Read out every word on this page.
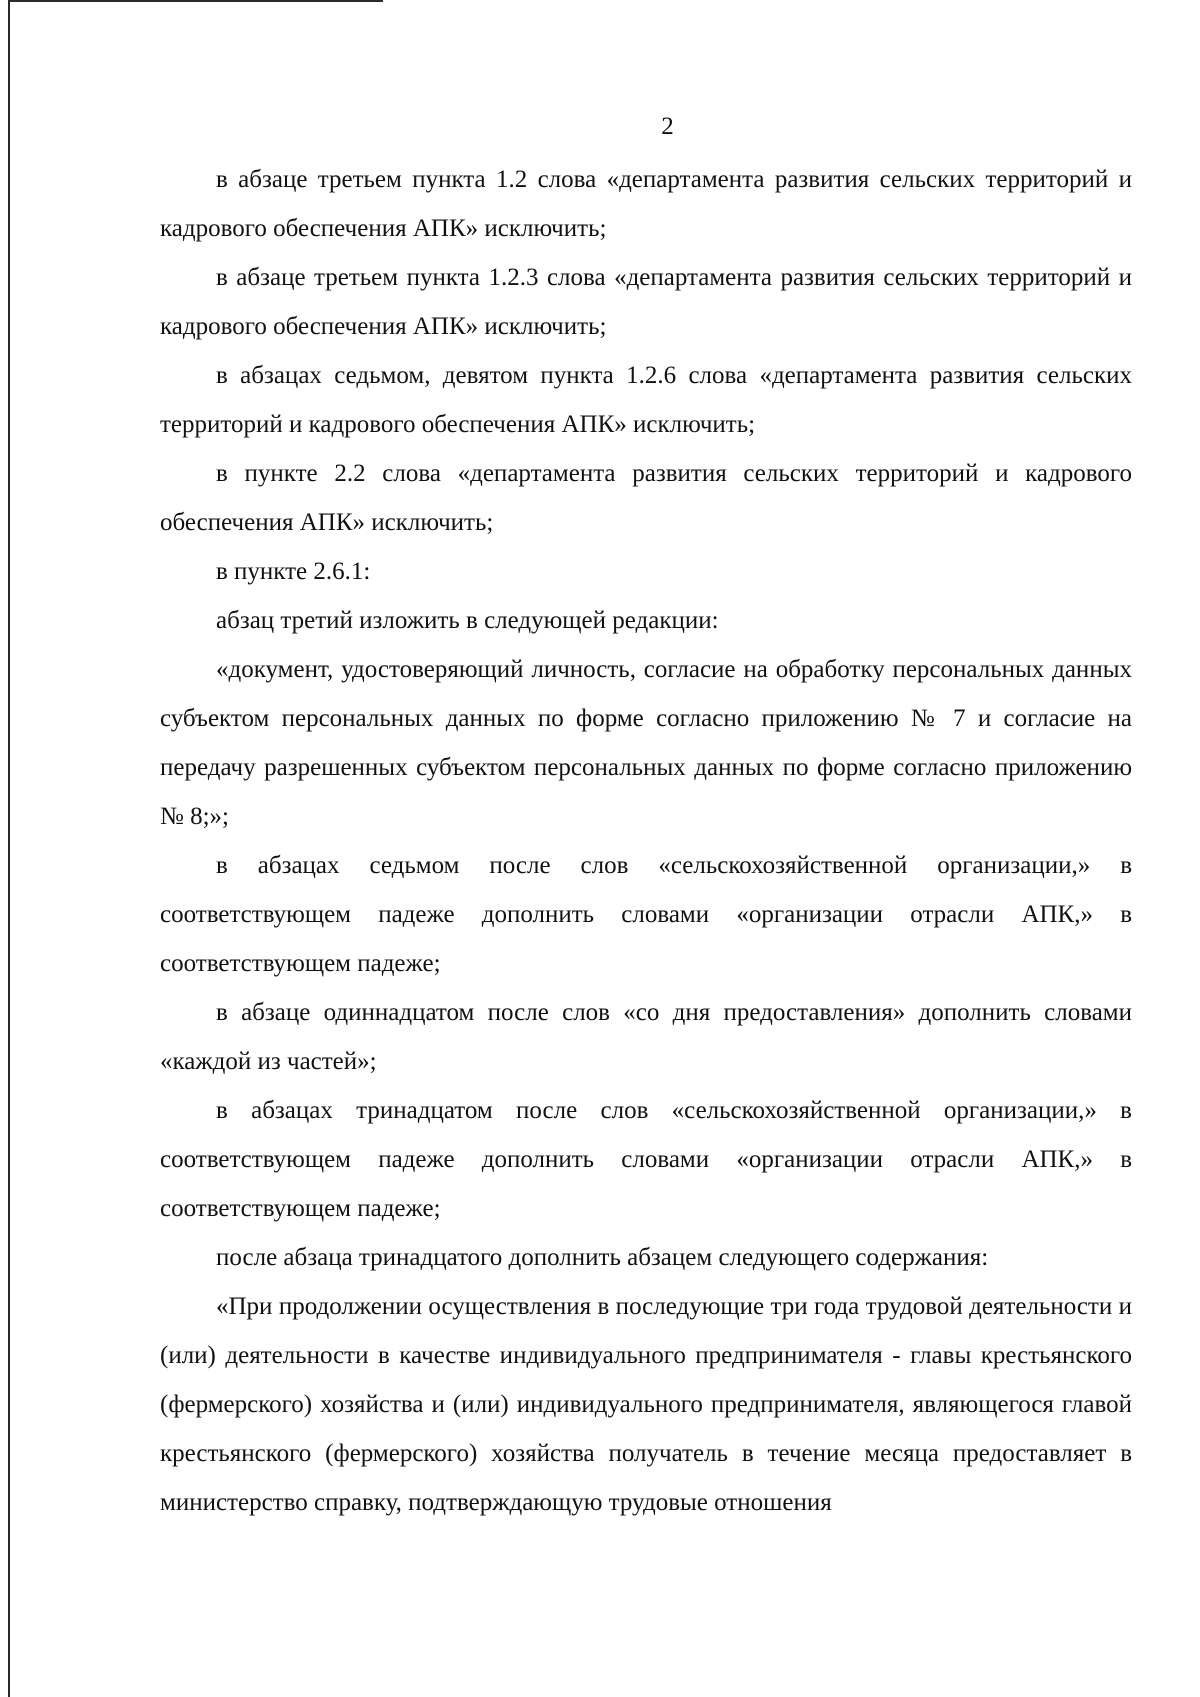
2

в абзаце третьем пункта 1.2 слова «департамента развития сельских территорий и кадрового обеспечения АПК» исключить;

в абзаце третьем пункта 1.2.3 слова «департамента развития сельских территорий и кадрового обеспечения АПК» исключить;

в абзацах седьмом, девятом пункта 1.2.6 слова «департамента развития сельских территорий и кадрового обеспечения АПК» исключить;

в пункте 2.2 слова «департамента развития сельских территорий и кадрового обеспечения АПК» исключить;

в пункте 2.6.1:

абзац третий изложить в следующей редакции:

«документ, удостоверяющий личность, согласие на обработку персональных данных субъектом персональных данных по форме согласно приложению № 7 и согласие на передачу разрешенных субъектом персональных данных по форме согласно приложению № 8;»;

в абзацах седьмом после слов «сельскохозяйственной организации,» в соответствующем падеже дополнить словами «организации отрасли АПК,» в соответствующем падеже;

в абзаце одиннадцатом после слов «со дня предоставления» дополнить словами «каждой из частей»;

в абзацах тринадцатом после слов «сельскохозяйственной организации,» в соответствующем падеже дополнить словами «организации отрасли АПК,» в соответствующем падеже;

после абзаца тринадцатого дополнить абзацем следующего содержания:

«При продолжении осуществления в последующие три года трудовой деятельности и (или) деятельности в качестве индивидуального предпринимателя - главы крестьянского (фермерского) хозяйства и (или) индивидуального предпринимателя, являющегося главой крестьянского (фермерского) хозяйства получатель в течение месяца предоставляет в министерство справку, подтверждающую трудовые отношения
